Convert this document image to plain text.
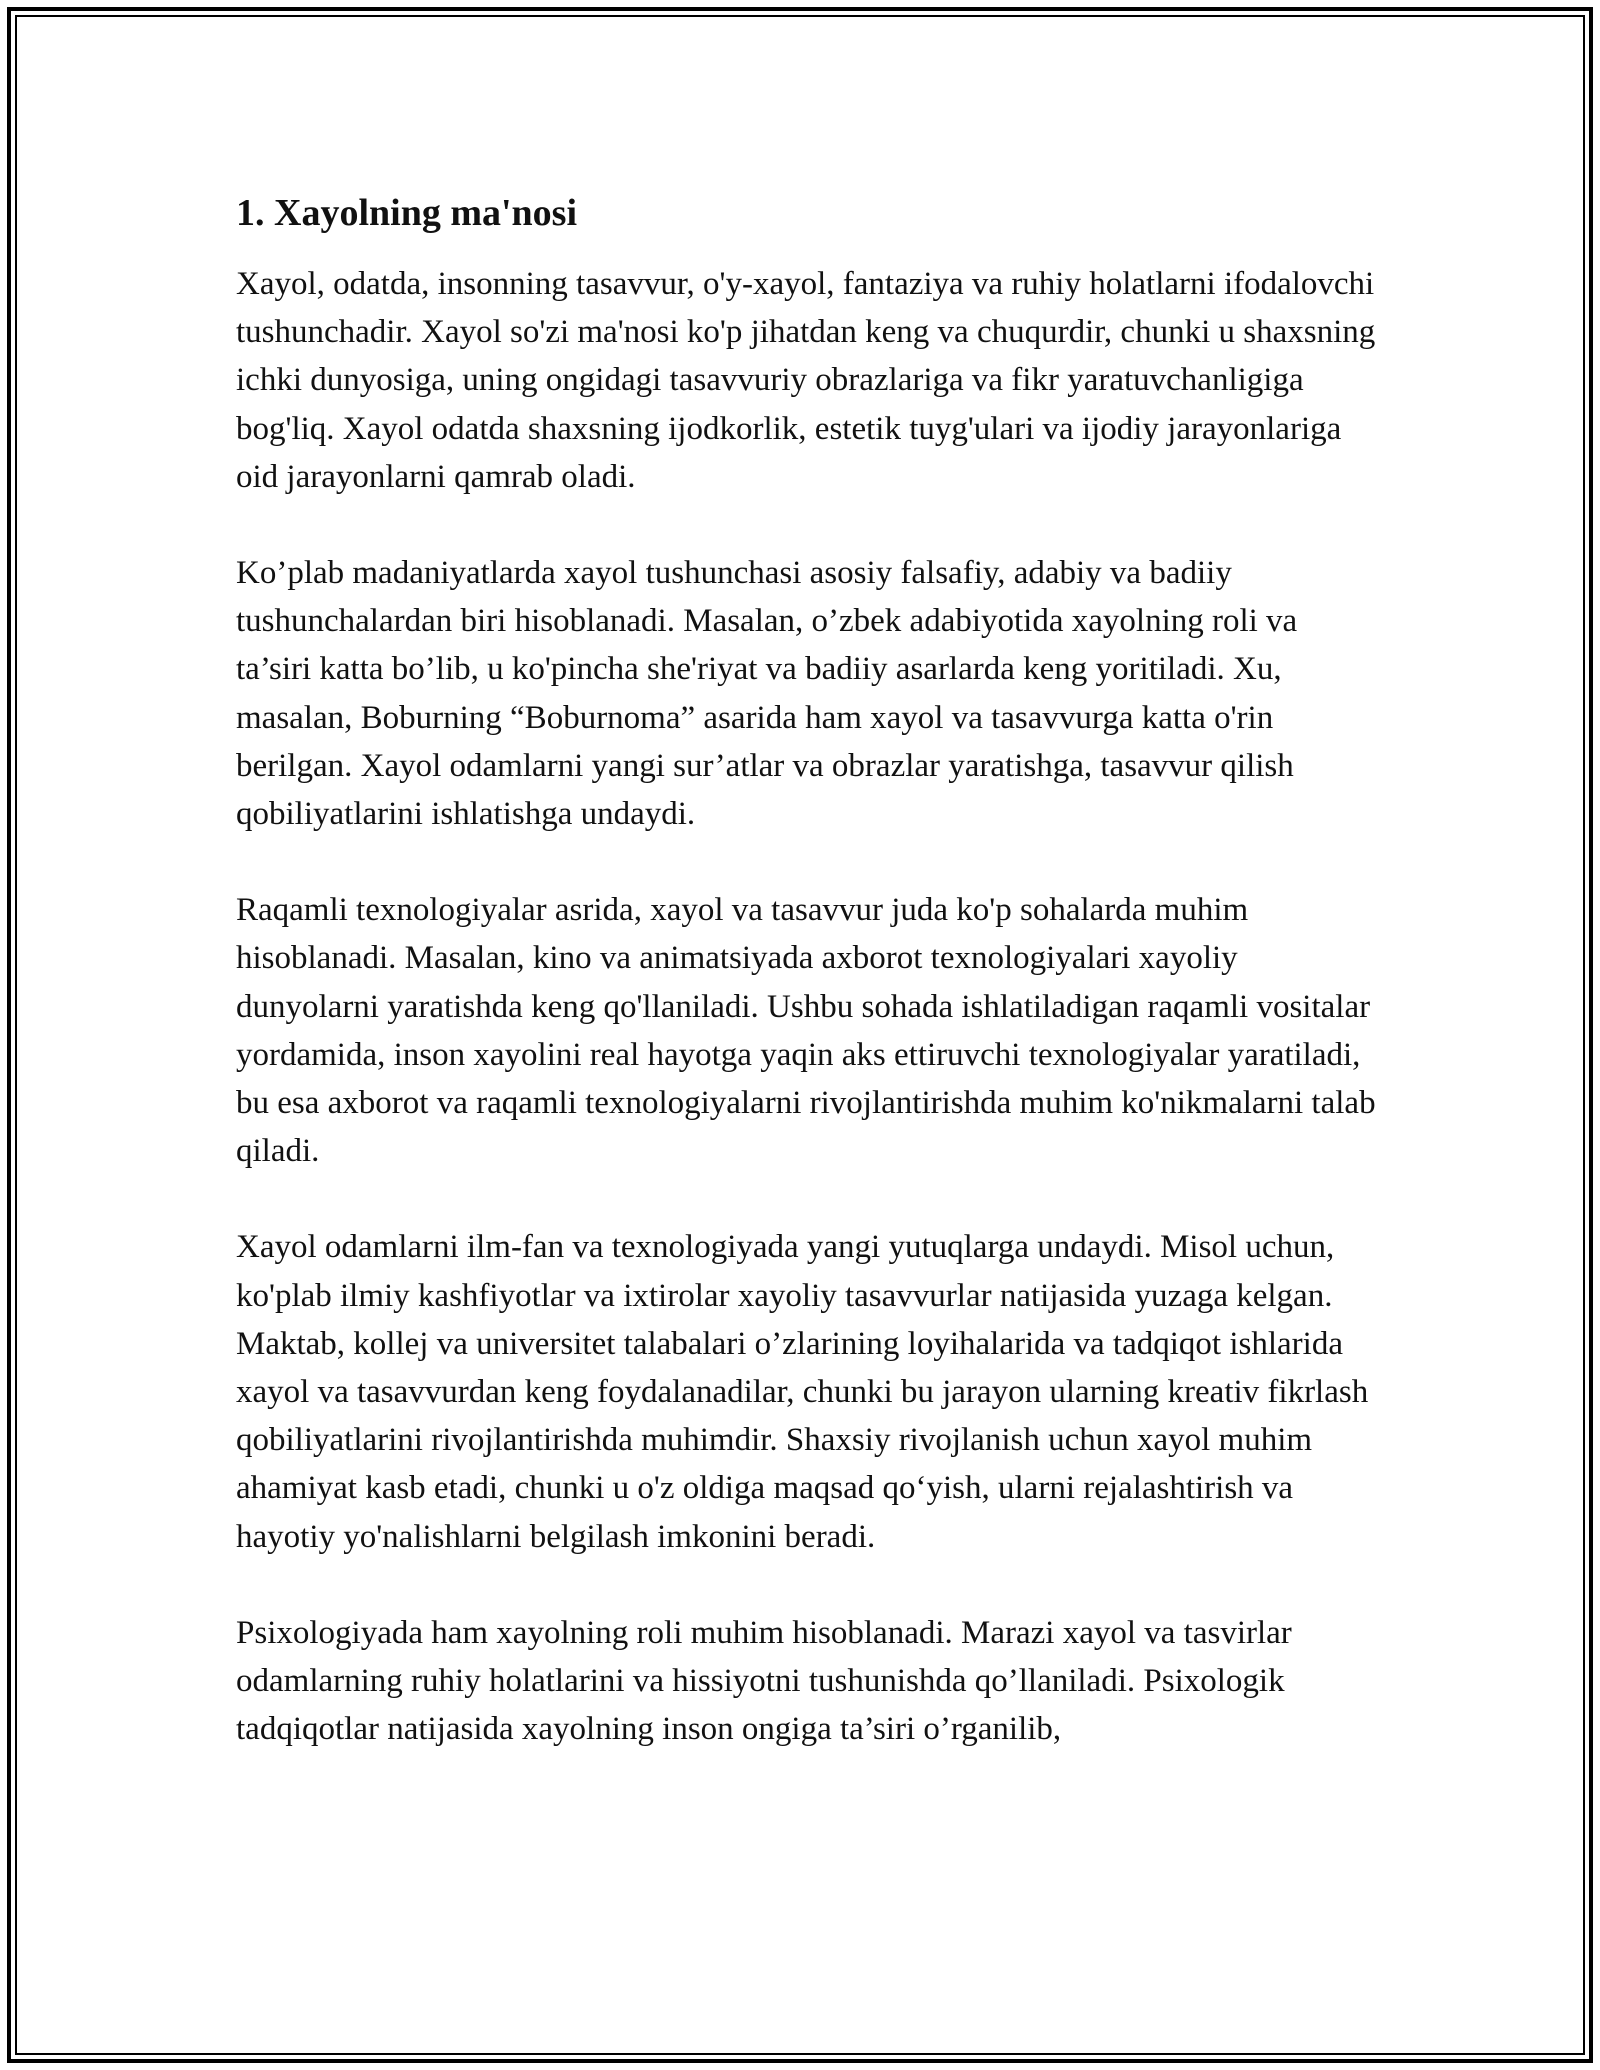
1. Xayolning ma'nosi

Xayol, odatda, insonning tasavvur, o'y-xayol, fantaziya va ruhiy holatlarni ifodalovchi tushunchadir. Xayol so'zi ma'nosi ko'p jihatdan keng va chuqurdir, chunki u shaxsning ichki dunyosiga, uning ongidagi tasavvuriy obrazlariga va fikr yaratuvchanligiga bog'liq. Xayol odatda shaxsning ijodkorlik, estetik tuyg'ulari va ijodiy jarayonlariga oid jarayonlarni qamrab oladi.

Ko’plab madaniyatlarda xayol tushunchasi asosiy falsafiy, adabiy va badiiy tushunchalardan biri hisoblanadi. Masalan, o’zbek adabiyotida xayolning roli va ta’siri katta bo’lib, u ko'pincha she'riyat va badiiy asarlarda keng yoritiladi. Xu, masalan, Boburning “Boburnoma” asarida ham xayol va tasavvurga katta o'rin berilgan. Xayol odamlarni yangi sur’atlar va obrazlar yaratishga, tasavvur qilish qobiliyatlarini ishlatishga undaydi.

Raqamli texnologiyalar asrida, xayol va tasavvur juda ko'p sohalarda muhim hisoblanadi. Masalan, kino va animatsiyada axborot texnologiyalari xayoliy dunyolarni yaratishda keng qo'llaniladi. Ushbu sohada ishlatiladigan raqamli vositalar yordamida, inson xayolini real hayotga yaqin aks ettiruvchi texnologiyalar yaratiladi, bu esa axborot va raqamli texnologiyalarni rivojlantirishda muhim ko'nikmalarni talab qiladi.

Xayol odamlarni ilm-fan va texnologiyada yangi yutuqlarga undaydi. Misol uchun, ko'plab ilmiy kashfiyotlar va ixtirolar xayoliy tasavvurlar natijasida yuzaga kelgan. Maktab, kollej va universitet talabalari o’zlarining loyihalarida va tadqiqot ishlarida xayol va tasavvurdan keng foydalanadilar, chunki bu jarayon ularning kreativ fikrlash qobiliyatlarini rivojlantirishda muhimdir. Shaxsiy rivojlanish uchun xayol muhim ahamiyat kasb etadi, chunki u o'z oldiga maqsad qo‘yish, ularni rejalashtirish va hayotiy yo'nalishlarni belgilash imkonini beradi.

Psixologiyada ham xayolning roli muhim hisoblanadi. Marazi xayol va tasvirlar odamlarning ruhiy holatlarini va hissiyotni tushunishda qo’llaniladi. Psixologik tadqiqotlar natijasida xayolning inson ongiga ta’siri o’rganilib,
